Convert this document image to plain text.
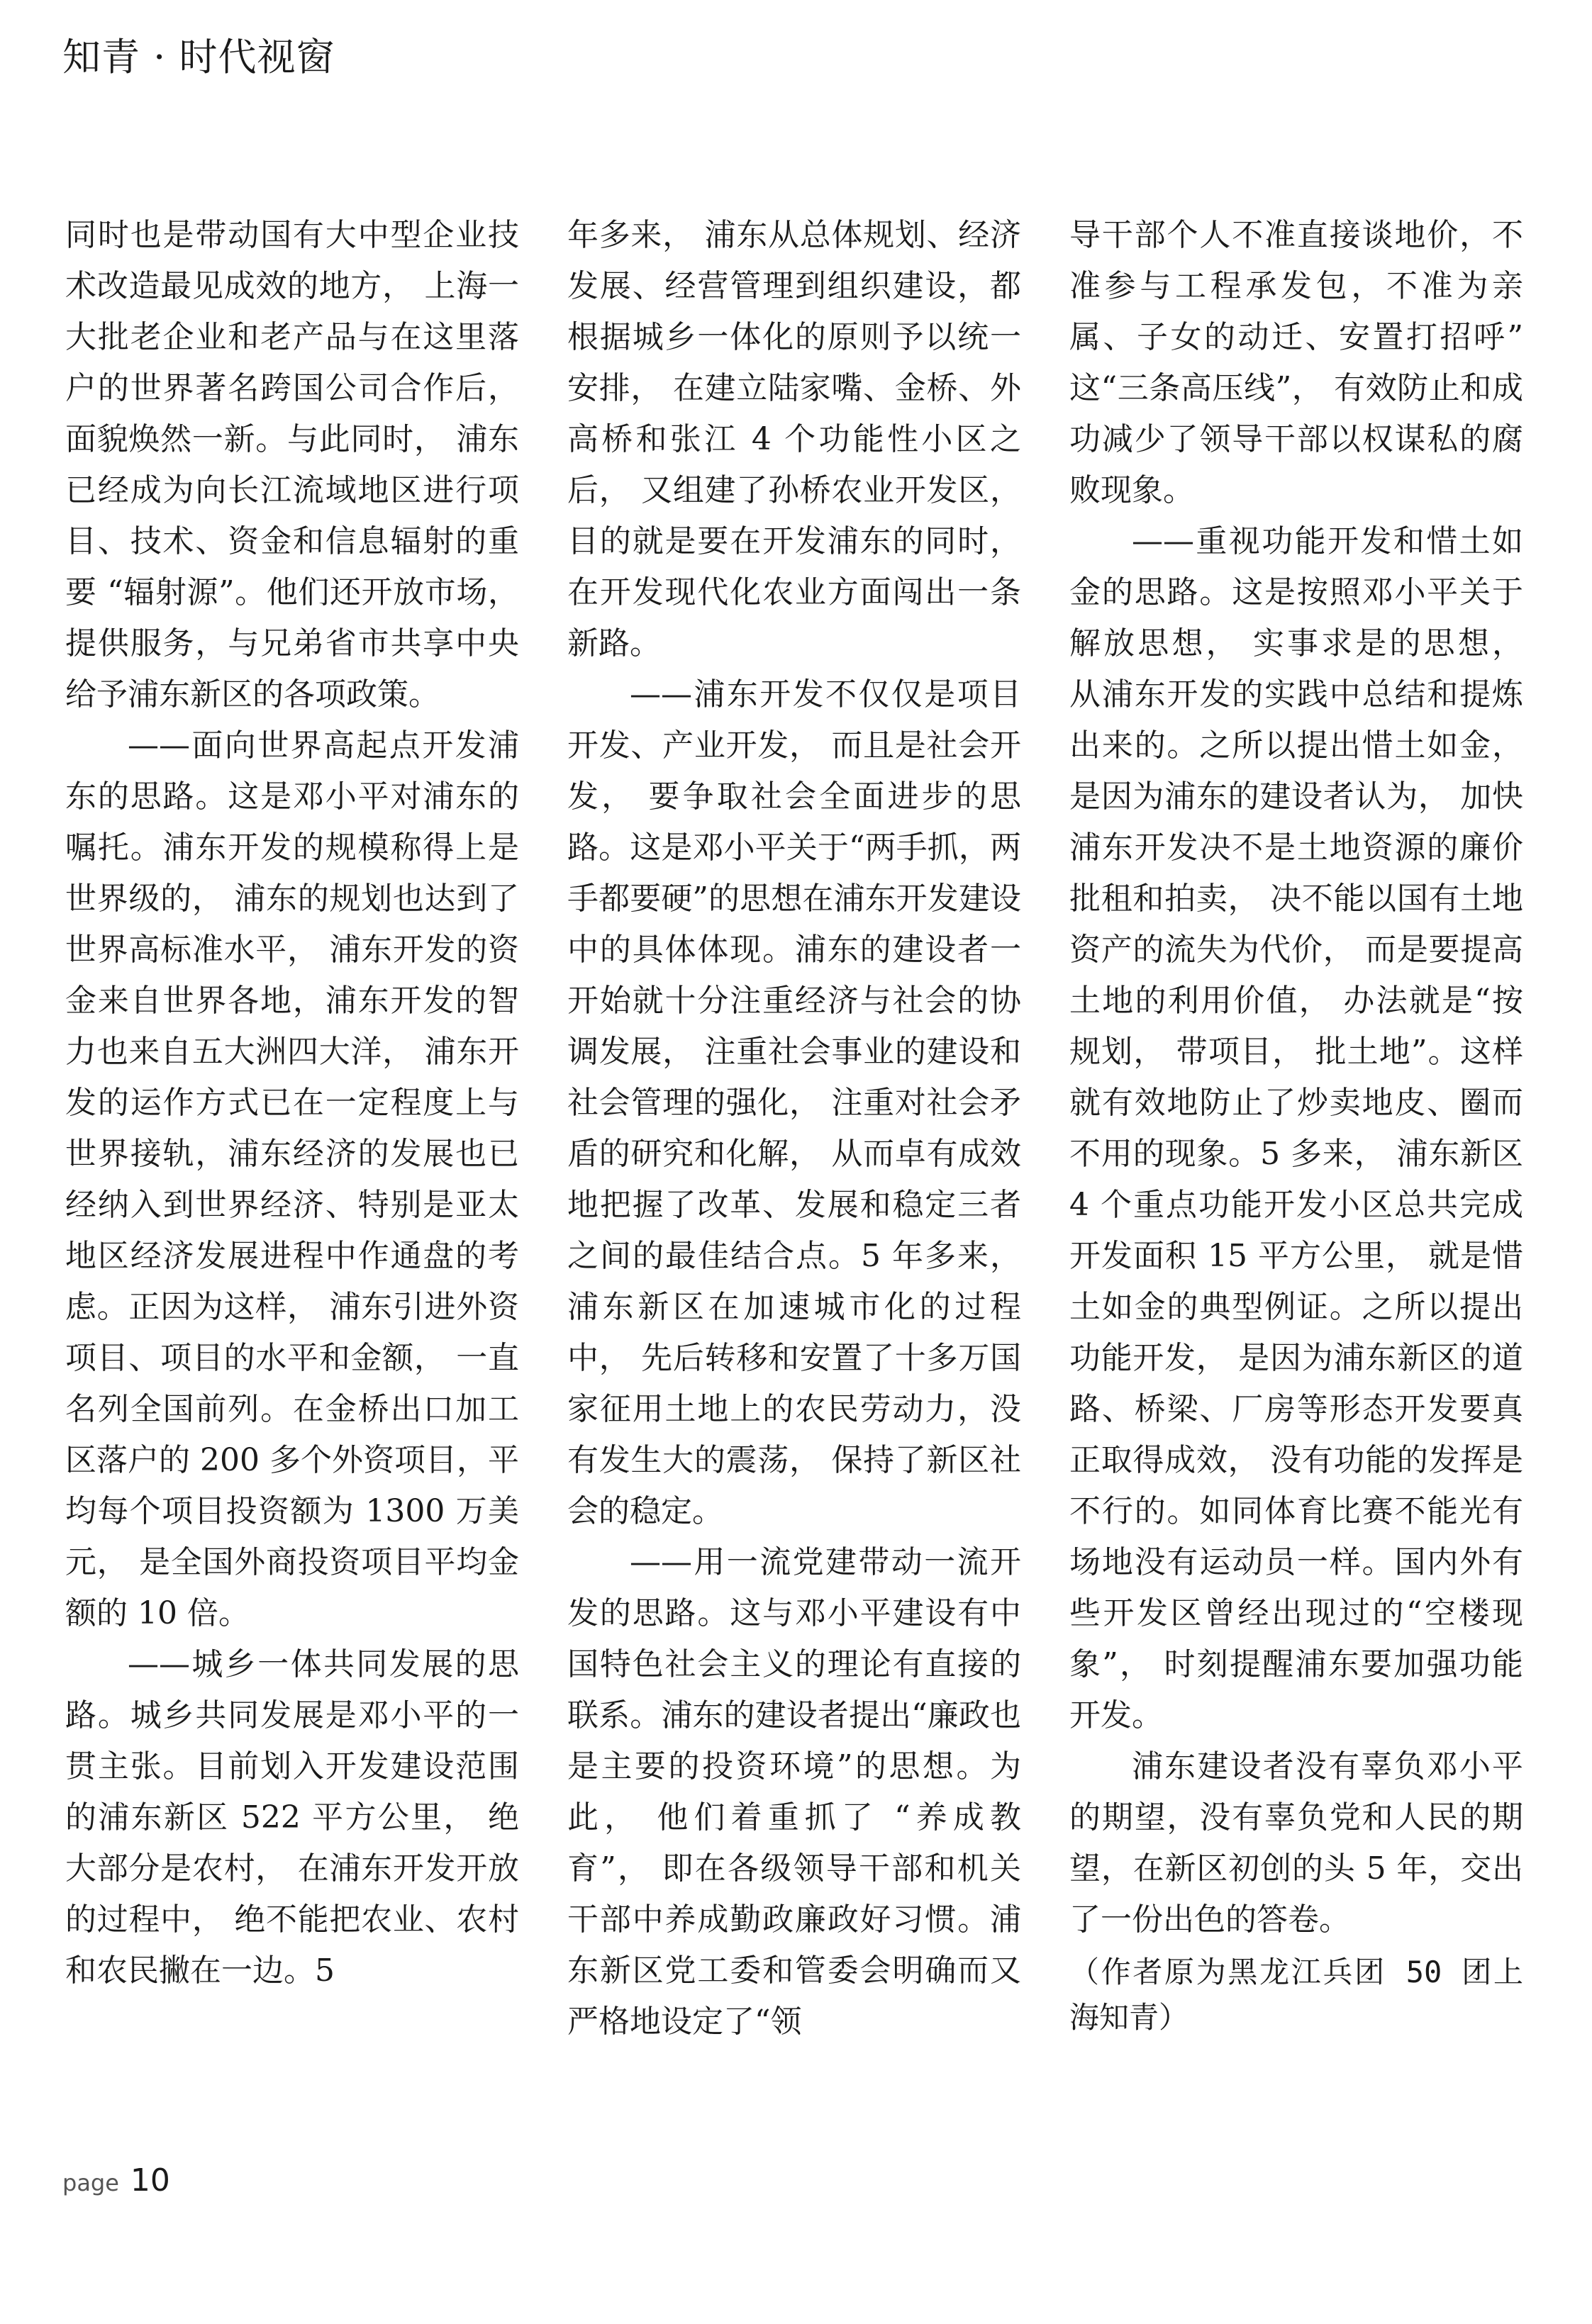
知青 · 时代视窗

同时也是带动国有大中型企业技术改造最见成效的地方， 上海一大批老企业和老产品与在这里落户的世界著名跨国公司合作后， 面貌焕然一新。与此同时， 浦东已经成为向长江流域地区进行项目、技术、资金和信息辐射的重要 “辐射源”。他们还开放市场， 提供服务，与兄弟省市共享中央给予浦东新区的各项政策。

——面向世界高起点开发浦东的思路。这是邓小平对浦东的嘱托。浦东开发的规模称得上是世界级的， 浦东的规划也达到了世界高标准水平， 浦东开发的资金来自世界各地，浦东开发的智力也来自五大洲四大洋， 浦东开发的运作方式已在一定程度上与世界接轨，浦东经济的发展也已经纳入到世界经济、特别是亚太地区经济发展进程中作通盘的考虑。正因为这样， 浦东引进外资项目、项目的水平和金额， 一直名列全国前列。在金桥出口加工区落户的 200 多个外资项目，平均每个项目投资额为 1300 万美元， 是全国外商投资项目平均金额的 10 倍。

——城乡一体共同发展的思路。城乡共同发展是邓小平的一贯主张。目前划入开发建设范围的浦东新区 522 平方公里， 绝大部分是农村， 在浦东开发开放的过程中， 绝不能把农业、农村和农民撇在一边。5

年多来， 浦东从总体规划、经济发展、经营管理到组织建设，都根据城乡一体化的原则予以统一安排， 在建立陆家嘴、金桥、外高桥和张江 4 个功能性小区之后， 又组建了孙桥农业开发区， 目的就是要在开发浦东的同时， 在开发现代化农业方面闯出一条新路。

——浦东开发不仅仅是项目开发、产业开发， 而且是社会开发， 要争取社会全面进步的思路。这是邓小平关于“两手抓，两手都要硬”的思想在浦东开发建设中的具体体现。浦东的建设者一开始就十分注重经济与社会的协调发展， 注重社会事业的建设和社会管理的强化， 注重对社会矛盾的研究和化解， 从而卓有成效地把握了改革、发展和稳定三者之间的最佳结合点。5 年多来，浦东新区在加速城市化的过程中， 先后转移和安置了十多万国家征用土地上的农民劳动力，没有发生大的震荡， 保持了新区社会的稳定。

——用一流党建带动一流开发的思路。这与邓小平建设有中国特色社会主义的理论有直接的联系。浦东的建设者提出“廉政也是主要的投资环境”的思想。为此， 他们着重抓了 “养成教育”， 即在各级领导干部和机关干部中养成勤政廉政好习惯。浦东新区党工委和管委会明确而又严格地设定了“领

导干部个人不准直接谈地价，不准参与工程承发包，不准为亲属、子女的动迁、安置打招呼” 这“三条高压线”， 有效防止和成功减少了领导干部以权谋私的腐败现象。

——重视功能开发和惜土如金的思路。这是按照邓小平关于解放思想， 实事求是的思想， 从浦东开发的实践中总结和提炼出来的。之所以提出惜土如金， 是因为浦东的建设者认为， 加快浦东开发决不是土地资源的廉价批租和拍卖， 决不能以国有土地资产的流失为代价， 而是要提高土地的利用价值， 办法就是“按规划， 带项目， 批土地”。这样就有效地防止了炒卖地皮、圈而不用的现象。5 多来， 浦东新区 4 个重点功能开发小区总共完成开发面积 15 平方公里， 就是惜土如金的典型例证。之所以提出功能开发， 是因为浦东新区的道路、桥梁、厂房等形态开发要真正取得成效， 没有功能的发挥是不行的。如同体育比赛不能光有场地没有运动员一样。国内外有些开发区曾经出现过的“空楼现象”， 时刻提醒浦东要加强功能开发。

浦东建设者没有辜负邓小平的期望，没有辜负党和人民的期望，在新区初创的头 5 年，交出了一份出色的答卷。

（作者原为黑龙江兵团 50 团上海知青）

page 10
